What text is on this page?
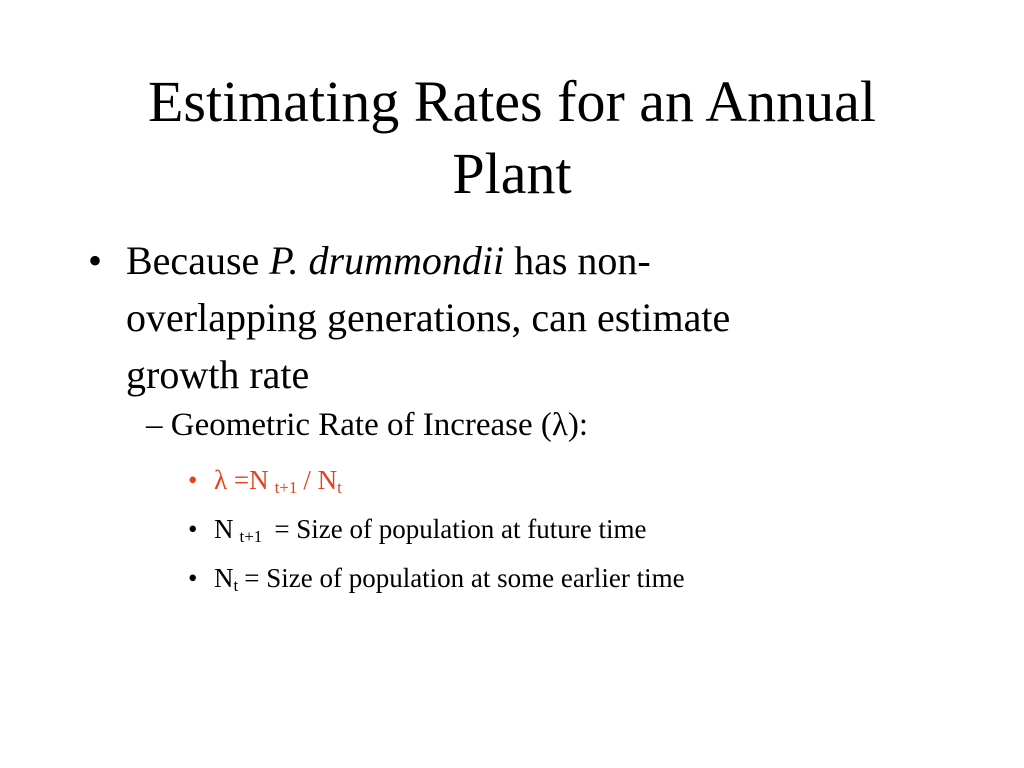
Estimating Rates for an Annual
Plant
• Because P. drummondii has non-
overlapping generations, can estimate
growth rate
– Geometric Rate of Increase (λ):
• λ =N $_{t+1} / N_t$
• N $_{t+1}$ = Size of population at future time
• $N_t$ = Size of population at some earlier time
